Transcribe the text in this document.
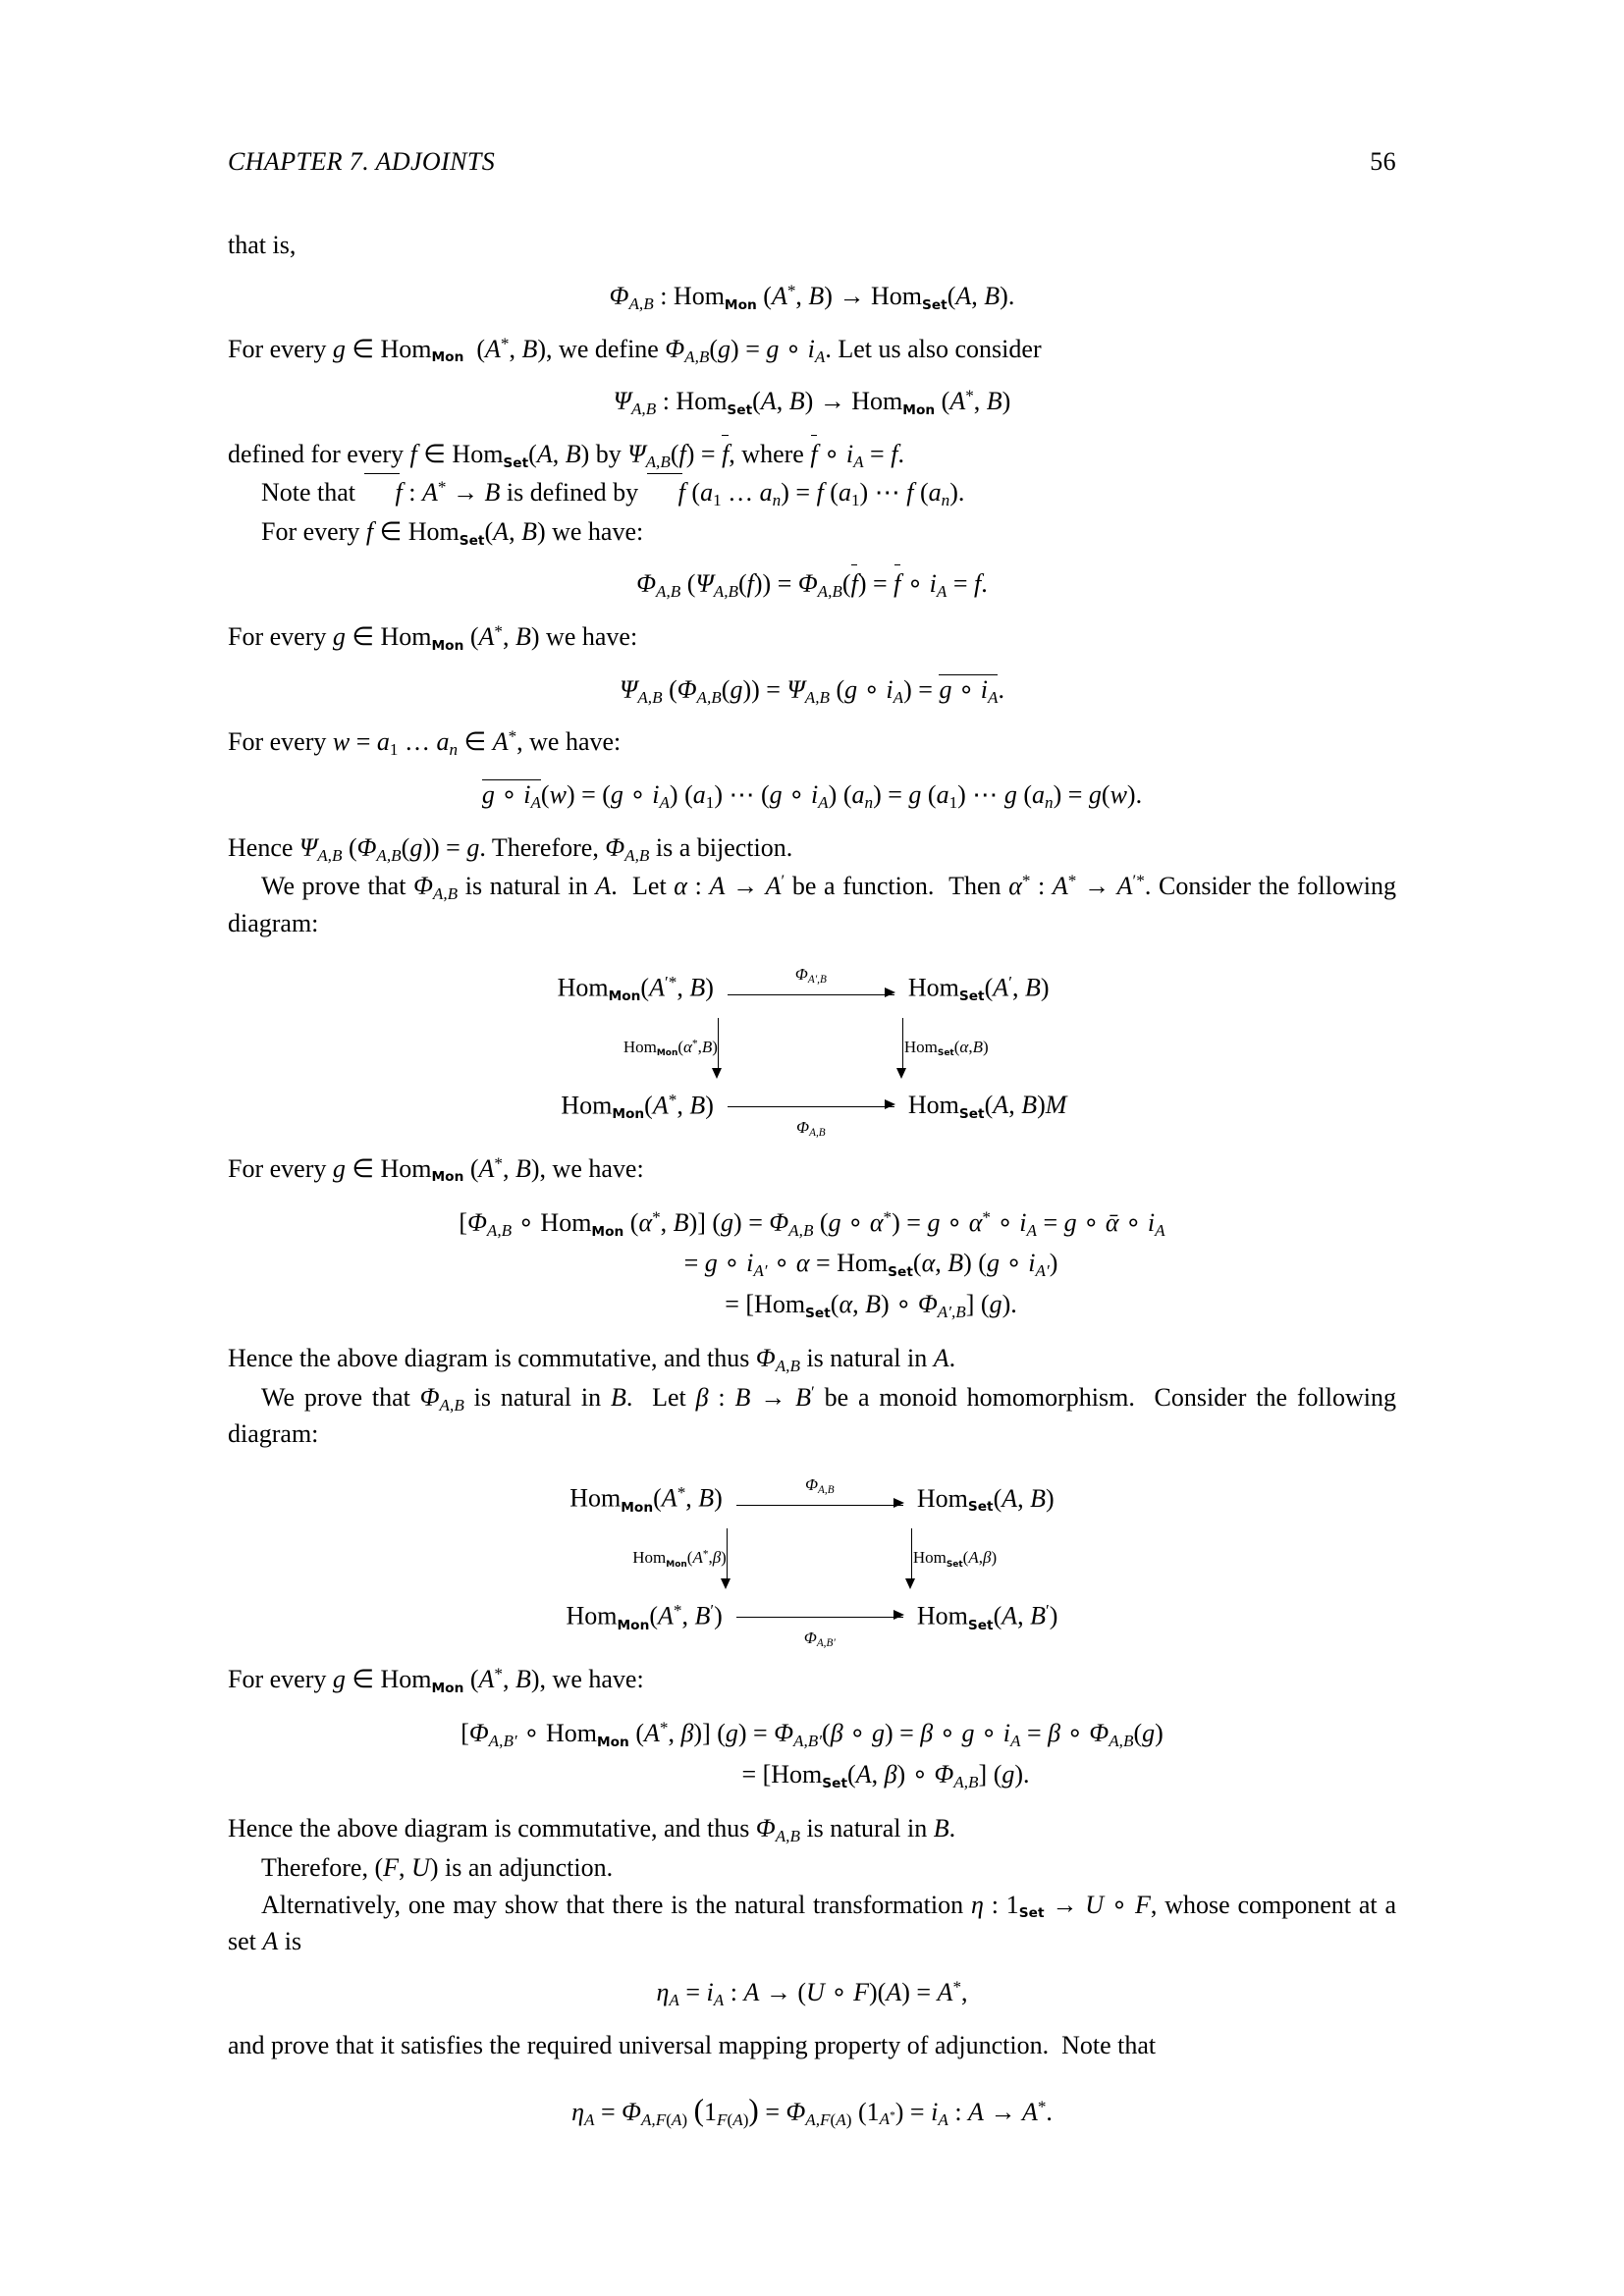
CHAPTER 7. ADJOINTS	56

that is,

$\Phi_{A,B}$ : Hom$_{Mon}$ (A*, B) → Hom$_{Set}$(A, B).

For every g ∈ Hom$_{Mon}$  (A*, B), we define $\Phi_{A,B}(g) = g$ ∘ $i_A$. Let us also consider

$\Psi_{A,B}$ : Hom$_{Set}$(A, B) → Hom$_{Mon}$ (A*, B)

defined for every f ∈ Hom$_{Set}$(A, B) by $\Psi_{A,B}(f) = f$, where f ∘ $i_A = f$.

Note that f : A* → B is defined by f ($a_1$ … $a_n) = f$ $(a_1)$ ⋯ f $(a_n)$.

For every f ∈ Hom$_{Set}$(A, B) we have:

$\Phi_{A,B}$ $(\Psi_{A,B}(f)) = \Phi_{A,B}(f) = f$ ∘ $i_A = f$.

For every g ∈ Hom$_{Mon}$ (A*, B) we have:

$\Psi_{A,B}$ $(\Phi_{A,B}(g)) = \Psi_{A,B}$ (g ∘ $i_A) = g$ ∘ $i_A$.

For every $w = a_1$ … $a_n$ ∈ A*, we have:

g ∘ $i_A(w) = (g$ ∘ $i_A$) $(a_1)$ ⋯ (g ∘ $i_A$) $(a_n) = g$ $(a_1)$ ⋯ g $(a_n) = g(w)$.

Hence $\Psi_{A,B}$ $(\Phi_{A,B}(g)) = g$. Therefore, $\Phi_{A,B}$ is a bijection.

We prove that $\Phi_{A,B}$ is natural in A.  Let α : A → A′ be a function.  Then α* : A* → A′*. Consider the following diagram:

Hom$_{Mon}$(A′*, B)	$\Phi_{A',B}$	Hom$_{Set}$(A′, B)
Hom$_{Mon}$(α*,B)	Hom$_{Set}$(α,B)
Hom$_{Mon}$(A*, B)
$\Phi_{A,B}$
Hom$_{Set}$(A, B)M

For every g ∈ Hom$_{Mon}$ (A*, B), we have:

[$\Phi_{A,B}$ ∘ Hom$_{Mon}$ (α*, B)] $(g) = \Phi_{A,B}$ (g ∘ α*) = g ∘ α* ∘ $i_A = g$ ∘ ᾱ ∘ $i_A$
= g ∘ $i_{A'}$ ∘ α = Hom$_{Set}$(α, B) (g ∘ $i_{A'}$)
= [Hom$_{Set}$(α, B) ∘ $\Phi_{A',B}$] (g).

Hence the above diagram is commutative, and thus $\Phi_{A,B}$ is natural in A.

We prove that $\Phi_{A,B}$ is natural in B.  Let β : B → B′ be a monoid homomorphism.  Consider the following diagram:

Hom$_{Mon}$(A*, B)	$\Phi_{A,B}$	Hom$_{Set}$(A, B)
Hom$_{Mon}$(A*,β)	Hom$_{Set}$(A,β)
Hom$_{Mon}$(A*, B′)
$\Phi_{A,B'}$
Hom$_{Set}$(A, B′)

For every g ∈ Hom$_{Mon}$ (A*, B), we have:

[$\Phi_{A,B'}$ ∘ Hom$_{Mon}$ (A*, β)] $(g) = \Phi_{A,B'}(\beta$ ∘ g) = β ∘ g ∘ $i_A = \beta$ ∘ $\Phi_{A,B}(g)$
= [Hom$_{Set}$(A, β) ∘ $\Phi_{A,B}$] (g).

Hence the above diagram is commutative, and thus $\Phi_{A,B}$ is natural in B.

Therefore, (F, U) is an adjunction.

Alternatively, one may show that there is the natural transformation η : $1_{Set} \to U$ ∘ F, whose component at a set A is

$\eta_A = i_A$ : A → (U ∘ F)(A) = A*,

and prove that it satisfies the required universal mapping property of adjunction.  Note that

$\eta_A = \Phi_{A,F(A)}$ $(1_{F(A)}) = \Phi_{A,F(A)}$ $(1_{A^*}) = i_A$ : A → A*.
